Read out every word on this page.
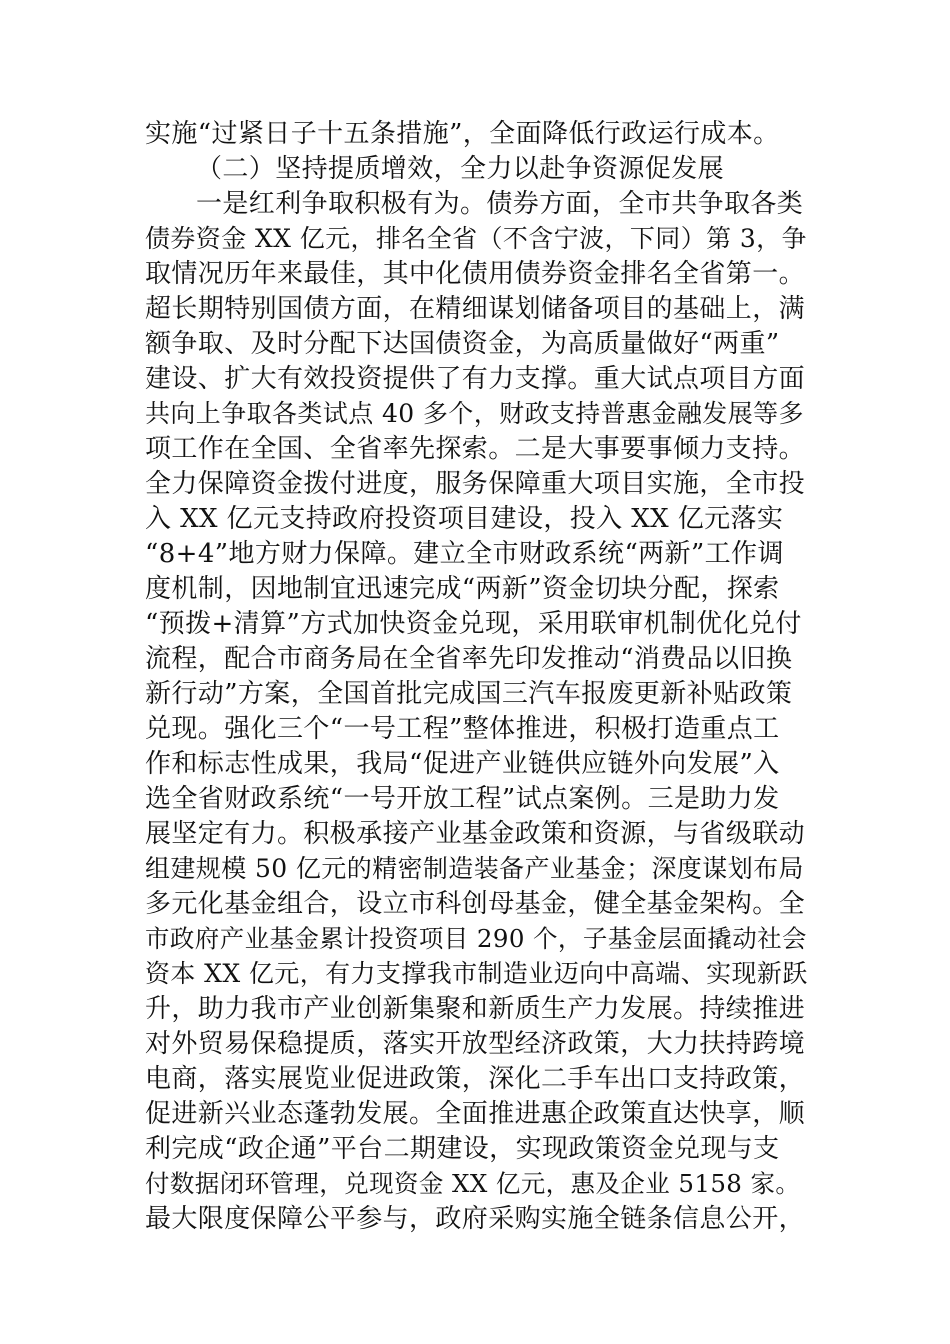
实施“过紧日子十五条措施”，全面降低行政运行成本。
（二）坚持提质增效，全力以赴争资源促发展
一是红利争取积极有为。债券方面，全市共争取各类
债券资金 XX 亿元，排名全省（不含宁波，下同）第 3，争
取情况历年来最佳，其中化债用债券资金排名全省第一。
超长期特别国债方面，在精细谋划储备项目的基础上，满
额争取、及时分配下达国债资金，为高质量做好“两重”
建设、扩大有效投资提供了有力支撑。重大试点项目方面
共向上争取各类试点 40 多个，财政支持普惠金融发展等多
项工作在全国、全省率先探索。二是大事要事倾力支持。
全力保障资金拨付进度，服务保障重大项目实施，全市投
入 XX 亿元支持政府投资项目建设，投入 XX 亿元落实
“8+4”地方财力保障。建立全市财政系统“两新”工作调
度机制，因地制宜迅速完成“两新”资金切块分配，探索
“预拨+清算”方式加快资金兑现，采用联审机制优化兑付
流程，配合市商务局在全省率先印发推动“消费品以旧换
新行动”方案，全国首批完成国三汽车报废更新补贴政策
兑现。强化三个“一号工程”整体推进，积极打造重点工
作和标志性成果，我局“促进产业链供应链外向发展”入
选全省财政系统“一号开放工程”试点案例。三是助力发
展坚定有力。积极承接产业基金政策和资源，与省级联动
组建规模 50 亿元的精密制造装备产业基金；深度谋划布局
多元化基金组合，设立市科创母基金，健全基金架构。全
市政府产业基金累计投资项目 290 个，子基金层面撬动社会
资本 XX 亿元，有力支撑我市制造业迈向中高端、实现新跃
升，助力我市产业创新集聚和新质生产力发展。持续推进
对外贸易保稳提质，落实开放型经济政策，大力扶持跨境
电商，落实展览业促进政策，深化二手车出口支持政策，
促进新兴业态蓬勃发展。全面推进惠企政策直达快享，顺
利完成“政企通”平台二期建设，实现政策资金兑现与支
付数据闭环管理，兑现资金 XX 亿元，惠及企业 5158 家。
最大限度保障公平参与，政府采购实施全链条信息公开，
